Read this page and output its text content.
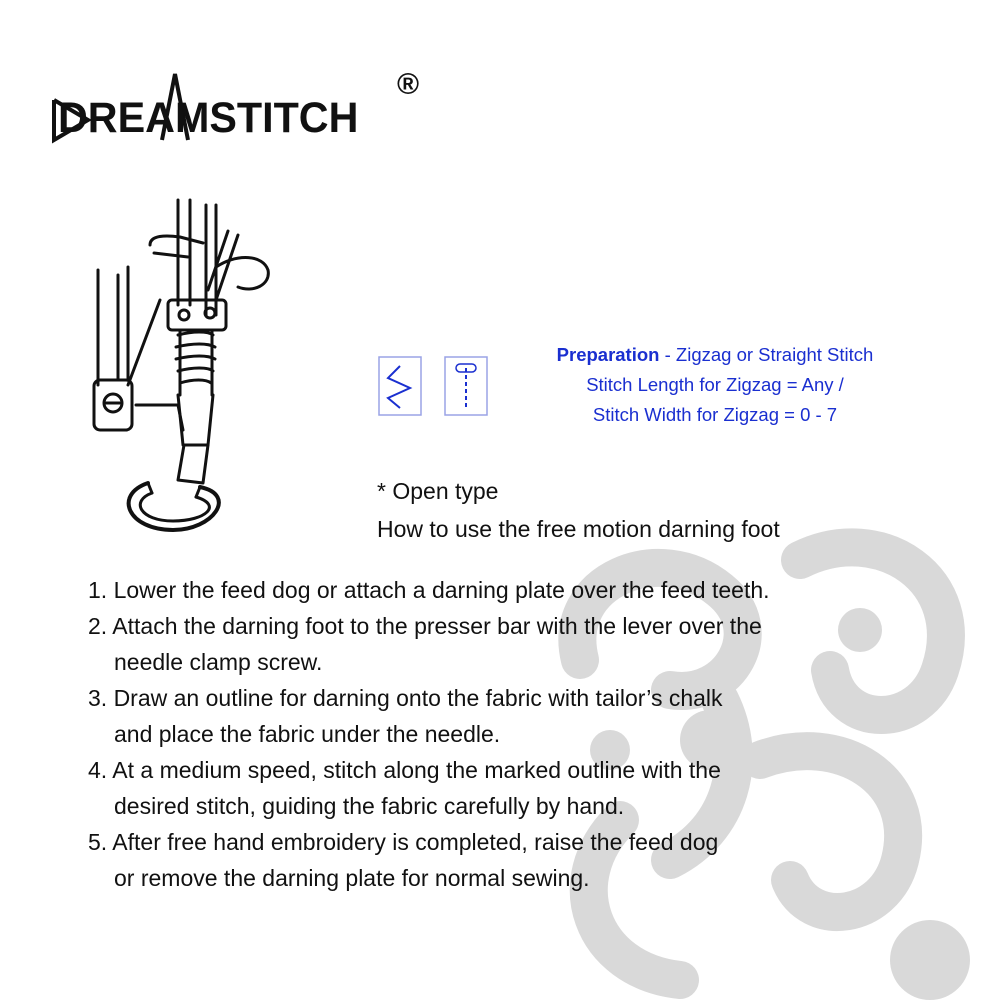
DREAMSTITCH
®
Preparation - Zigzag or Straight Stitch
Stitch Length for Zigzag = Any /
Stitch Width for Zigzag = 0 - 7
* Open type
How to use the free motion darning foot

1. Lower the feed dog or attach a darning plate over the feed teeth.

2. Attach the darning foot to the presser bar with the lever over the
needle clamp screw.

3. Draw an outline for darning onto the fabric with tailor’s chalk
and place the fabric under the needle.

4. At a medium speed, stitch along the marked outline with the
desired stitch, guiding the fabric carefully by hand.

5. After free hand embroidery is completed, raise the feed dog
or remove the darning plate for normal sewing.
